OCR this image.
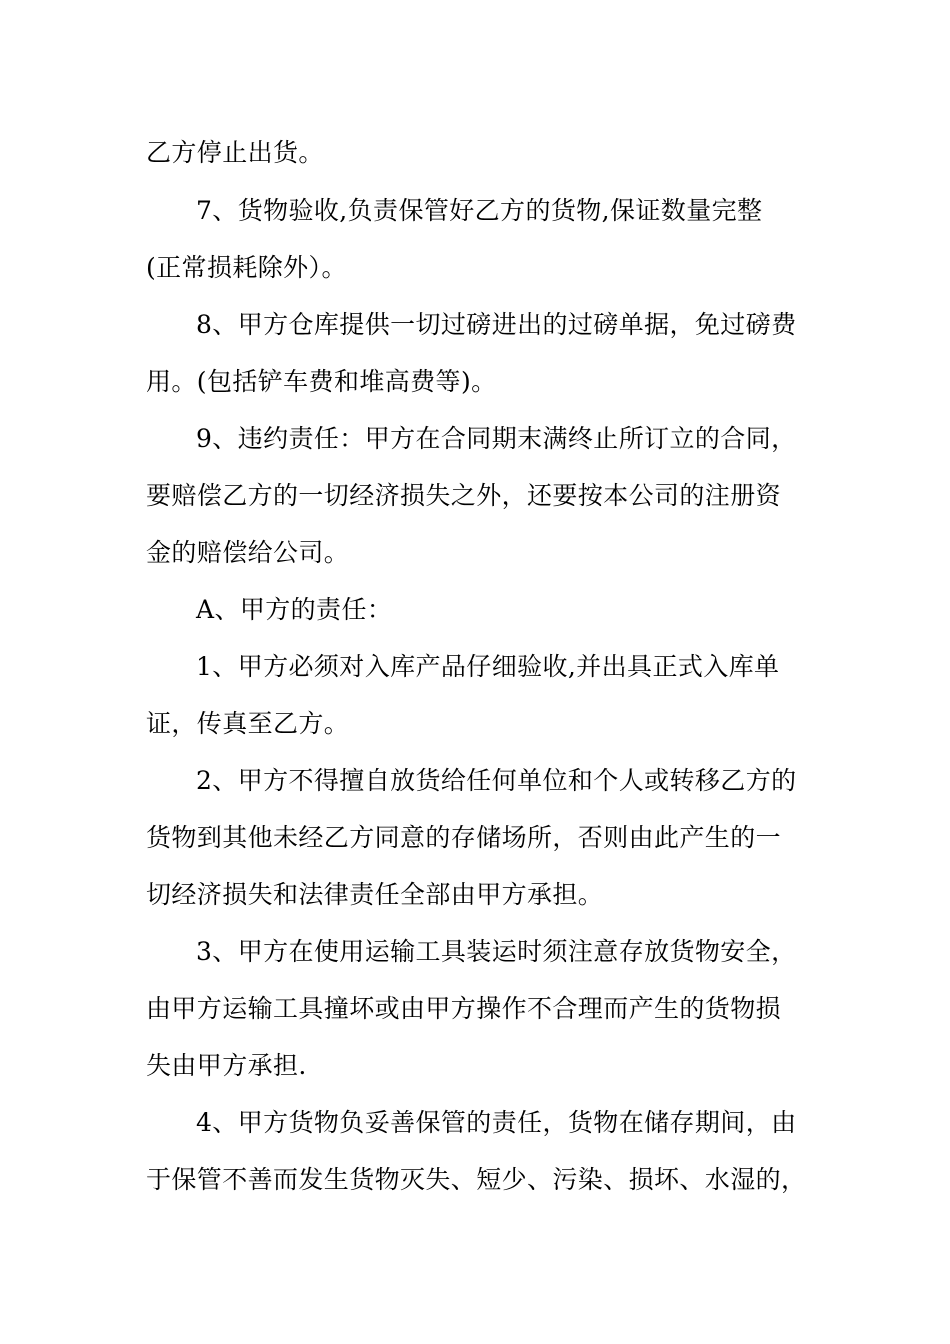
乙方停止出货。
7、货物验收,负责保管好乙方的货物,保证数量完整
(正常损耗除外）。
8、甲方仓库提供一切过磅进出的过磅单据，免过磅费
用。(包括铲车费和堆高费等)。
9、违约责任：甲方在合同期末满终止所订立的合同，
要赔偿乙方的一切经济损失之外，还要按本公司的注册资
金的赔偿给公司。
A、甲方的责任：
1、甲方必须对入库产品仔细验收,并出具正式入库单
证，传真至乙方。
2、甲方不得擅自放货给任何单位和个人或转移乙方的
货物到其他未经乙方同意的存储场所，否则由此产生的一
切经济损失和法律责任全部由甲方承担。
3、甲方在使用运输工具装运时须注意存放货物安全，
由甲方运输工具撞坏或由甲方操作不合理而产生的货物损
失由甲方承担.
4、甲方货物负妥善保管的责任，货物在储存期间，由
于保管不善而发生货物灭失、短少、污染、损坏、水湿的，
